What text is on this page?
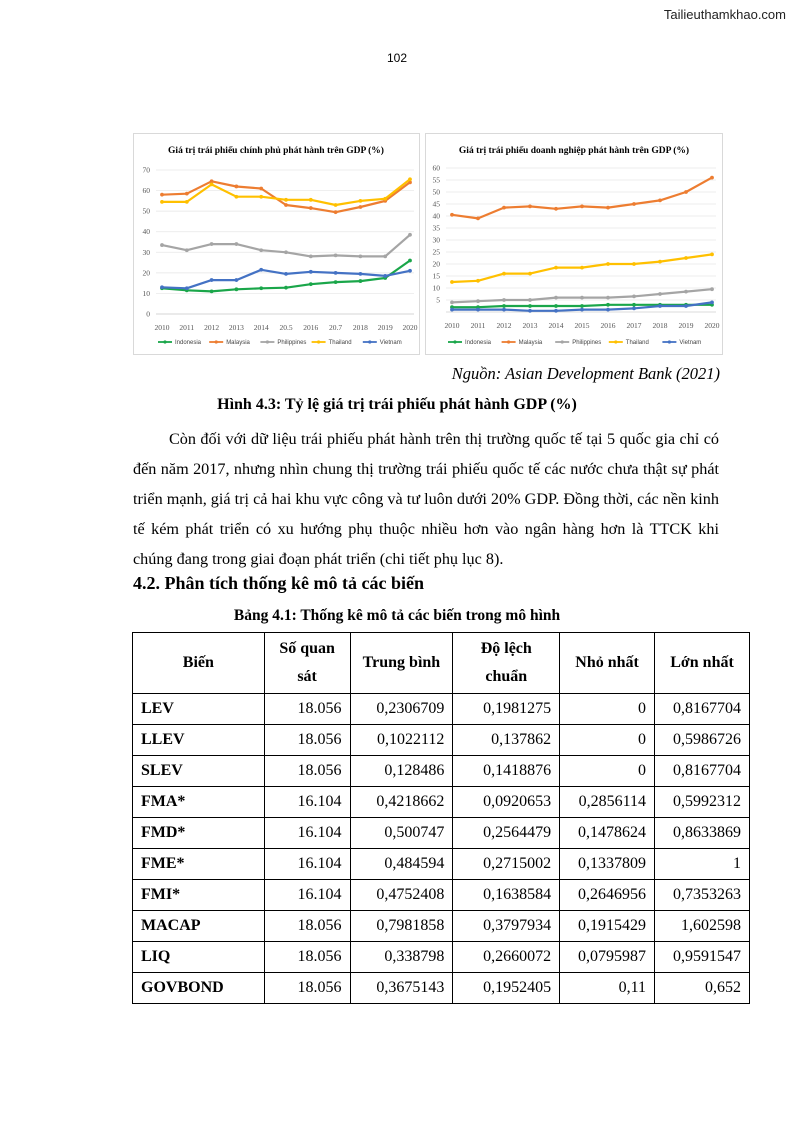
Tailieuthamkhao.com
102
Giá trị trái phiếu chính phủ phát hành trên GDP (%)
0
10
20
30
40
50
60
70
2010 2011 2012 2013 2014 20.5 2016 20.7 2018 2019 2020
Indonesia	Malaysia	Philippines	Thailand	Vietnam
Giá trị trái phiếu doanh nghiệp phát hành trên GDP (%)
5
10
15
20
25
30
35
40
45
50
55
60
2010 2011 2012 2013 2014 2015 2016 2017 2018 2019 2020
Indonesia	Malaysia	Philippines	Thailand	Vietnam
Nguồn: Asian Development Bank (2021)
Hình 4.3: Tỷ lệ giá trị trái phiếu phát hành GDP (%)

Còn đối với dữ liệu trái phiếu phát hành trên thị trường quốc tế tại 5 quốc gia chỉ có đến năm 2017, nhưng nhìn chung thị trường trái phiếu quốc tế các nước chưa thật sự phát triển mạnh, giá trị cả hai khu vực công và tư luôn dưới 20% GDP. Đồng thời, các nền kinh tế kém phát triển có xu hướng phụ thuộc nhiều hơn vào ngân hàng hơn là TTCK khi chúng đang trong giai đoạn phát triển (chi tiết phụ lục 8).

4.2. Phân tích thống kê mô tả các biến
Bảng 4.1: Thống kê mô tả các biến trong mô hình
Biến	Số quan sát	Trung bình	Độ lệch chuẩn	Nhỏ nhất	Lớn nhất
LEV	18.056	0,2306709	0,1981275	0	0,8167704
LLEV	18.056	0,1022112	0,137862	0	0,5986726
SLEV	18.056	0,128486	0,1418876	0	0,8167704
FMA*	16.104	0,4218662	0,0920653	0,2856114	0,5992312
FMD*	16.104	0,500747	0,2564479	0,1478624	0,8633869
FME*	16.104	0,484594	0,2715002	0,1337809	1
FMI*	16.104	0,4752408	0,1638584	0,2646956	0,7353263
MACAP	18.056	0,7981858	0,3797934	0,1915429	1,602598
LIQ	18.056	0,338798	0,2660072	0,0795987	0,9591547
GOVBOND	18.056	0,3675143	0,1952405	0,11	0,652
